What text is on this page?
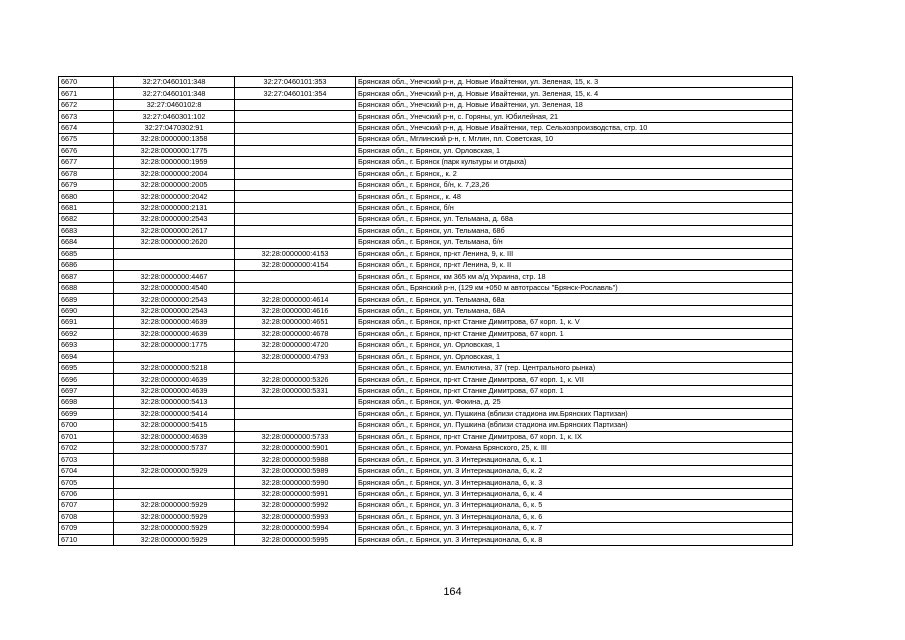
6670	32:27:0460101:348	32:27:0460101:353	Брянская обл., Унечский р-н, д. Новые Ивайтенки, ул. Зеленая, 15, к. 3
6671	32:27:0460101:348	32:27:0460101:354	Брянская обл., Унечский р-н, д. Новые Ивайтенки, ул. Зеленая, 15, к. 4
6672	32:27:0460102:8		Брянская обл., Унечский р-н, д. Новые Ивайтенки, ул. Зеленая, 18
6673	32:27:0460301:102		Брянская обл., Унечский р-н, с. Горяны, ул. Юбилейная, 21
6674	32:27:0470302:91		Брянская обл., Унечский р-н, д. Новые Ивайтенки, тер. Сельхозпроизводства, стр. 10
6675	32:28:0000000:1358		Брянская обл., Мглинский р-н, г. Мглин, пл. Советская, 10
6676	32:28:0000000:1775		Брянская обл., г. Брянск, ул. Орловская, 1
6677	32:28:0000000:1959		Брянская обл., г. Брянск (парк культуры и отдыха)
6678	32:28:0000000:2004		Брянская обл., г. Брянск,, к. 2
6679	32:28:0000000:2005		Брянская обл., г. Брянск, б/н, к. 7,23,26
6680	32:28:0000000:2042		Брянская обл., г. Брянск,, к. 48
6681	32:28:0000000:2131		Брянская обл., г. Брянск, б/н
6682	32:28:0000000:2543		Брянская обл., г. Брянск, ул. Тельмана, д. 68а
6683	32:28:0000000:2617		Брянская обл., г. Брянск, ул. Тельмана, 68б
6684	32:28:0000000:2620		Брянская обл., г. Брянск, ул. Тельмана, б/н
6685		32:28:0000000:4153	Брянская обл., г. Брянск, пр-кт Ленина, 9, к. III
6686		32:28:0000000:4154	Брянская обл., г. Брянск, пр-кт Ленина, 9, к. II
6687	32:28:0000000:4467		Брянская обл., г. Брянск, км 365 км а/д Украина, стр. 18
6688	32:28:0000000:4540		Брянская обл., Брянский р-н, (129 км +050 м автотрассы "Брянск-Рославль")
6689	32:28:0000000:2543	32:28:0000000:4614	Брянская обл., г. Брянск, ул. Тельмана, 68а
6690	32:28:0000000:2543	32:28:0000000:4616	Брянская обл., г. Брянск, ул. Тельмана, 68А
6691	32:28:0000000:4639	32:28:0000000:4651	Брянская обл., г. Брянск, пр-кт Станке Димитрова, 67 корп. 1, к. V
6692	32:28:0000000:4639	32:28:0000000:4678	Брянская обл., г. Брянск, пр-кт Станке Димитрова, 67 корп. 1
6693	32:28:0000000:1775	32:28:0000000:4720	Брянская обл., г. Брянск, ул. Орловская, 1
6694		32:28:0000000:4793	Брянская обл., г. Брянск, ул. Орловская, 1
6695	32:28:0000000:5218		Брянская обл., г. Брянск, ул. Емлютина, 37 (тер. Центрального рынка)
6696	32:28:0000000:4639	32:28:0000000:5326	Брянская обл., г. Брянск, пр-кт Станке Димитрова, 67 корп. 1, к. VII
6697	32:28:0000000:4639	32:28:0000000:5331	Брянская обл., г. Брянск, пр-кт Станке Димитрова, 67 корп. 1
6698	32:28:0000000:5413		Брянская обл., г. Брянск, ул. Фокина, д. 25
6699	32:28:0000000:5414		Брянская обл., г. Брянск, ул. Пушкина (вблизи стадиона им.Брянских Партизан)
6700	32:28:0000000:5415		Брянская обл., г. Брянск, ул. Пушкина (вблизи стадиона им.Брянских Партизан)
6701	32:28:0000000:4639	32:28:0000000:5733	Брянская обл., г. Брянск, пр-кт Станке Димитрова, 67 корп. 1, к. IX
6702	32:28:0000000:5737	32:28:0000000:5901	Брянская обл., г. Брянск, ул. Романа Брянского, 25, к. III
6703		32:28:0000000:5988	Брянская обл., г. Брянск, ул. 3 Интернационала, 6, к. 1
6704	32:28:0000000:5929	32:28:0000000:5989	Брянская обл., г. Брянск, ул. 3 Интернационала, 6, к. 2
6705		32:28:0000000:5990	Брянская обл., г. Брянск, ул. 3 Интернационала, 6, к. 3
6706		32:28:0000000:5991	Брянская обл., г. Брянск, ул. 3 Интернационала, 6, к. 4
6707	32:28:0000000:5929	32:28:0000000:5992	Брянская обл., г. Брянск, ул. 3 Интернационала, 6, к. 5
6708	32:28:0000000:5929	32:28:0000000:5993	Брянская обл., г. Брянск, ул. 3 Интернационала, 6, к. 6
6709	32:28:0000000:5929	32:28:0000000:5994	Брянская обл., г. Брянск, ул. 3 Интернационала, 6, к. 7
6710	32:28:0000000:5929	32:28:0000000:5995	Брянская обл., г. Брянск, ул. 3 Интернационала, 6, к. 8
164
